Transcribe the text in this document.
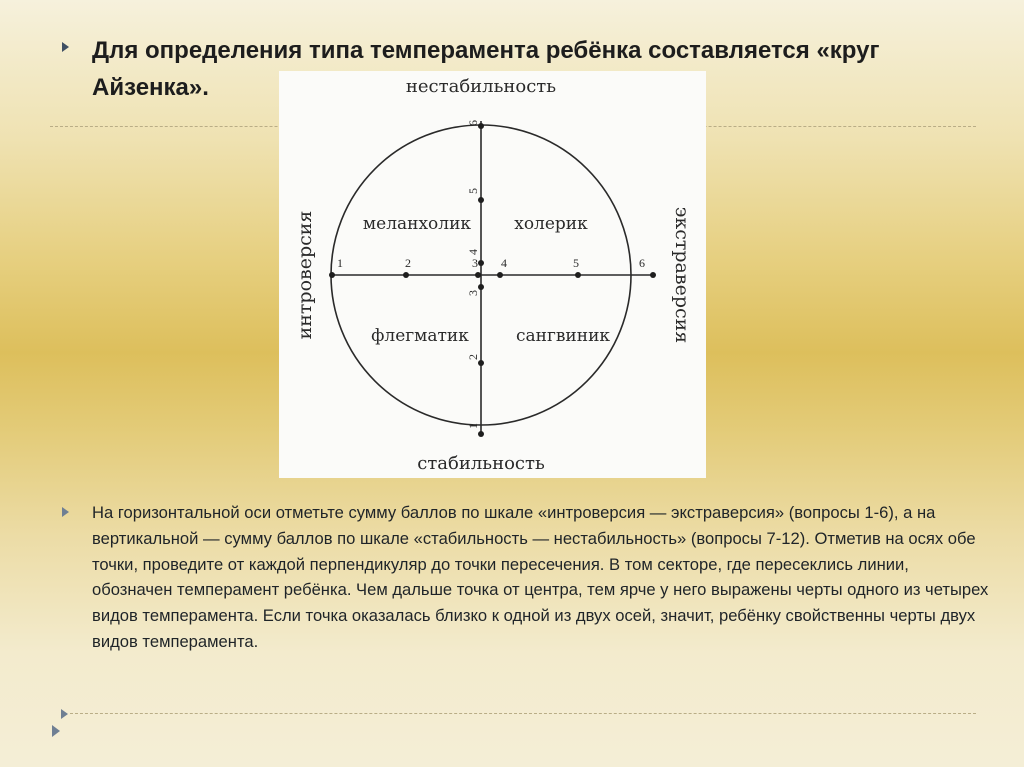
Для определения типа темперамента ребёнка составляется «круг Айзенка».	нестабильность
стабильность
интроверсия	экстраверсия
меланхолик	холерик
флегматик	сангвиник
1	2	3 4	5	6
6
5
4
3
2
1
На горизонтальной оси отметьте сумму баллов по шкале «интроверсия — экстраверсия» (вопросы 1-6), а на вертикальной — сумму баллов по шкале «стабильность — нестабильность» (вопросы 7-12). Отметив на осях обе точки, проведите от каждой перпендикуляр до точки пересечения. В том секторе, где пересеклись линии, обозначен темперамент ребёнка. Чем дальше точка от центра, тем ярче у него выражены черты одного из четырех видов темперамента. Если точка оказалась близко к одной из двух осей, значит, ребёнку свойственны черты двух видов темперамента.
